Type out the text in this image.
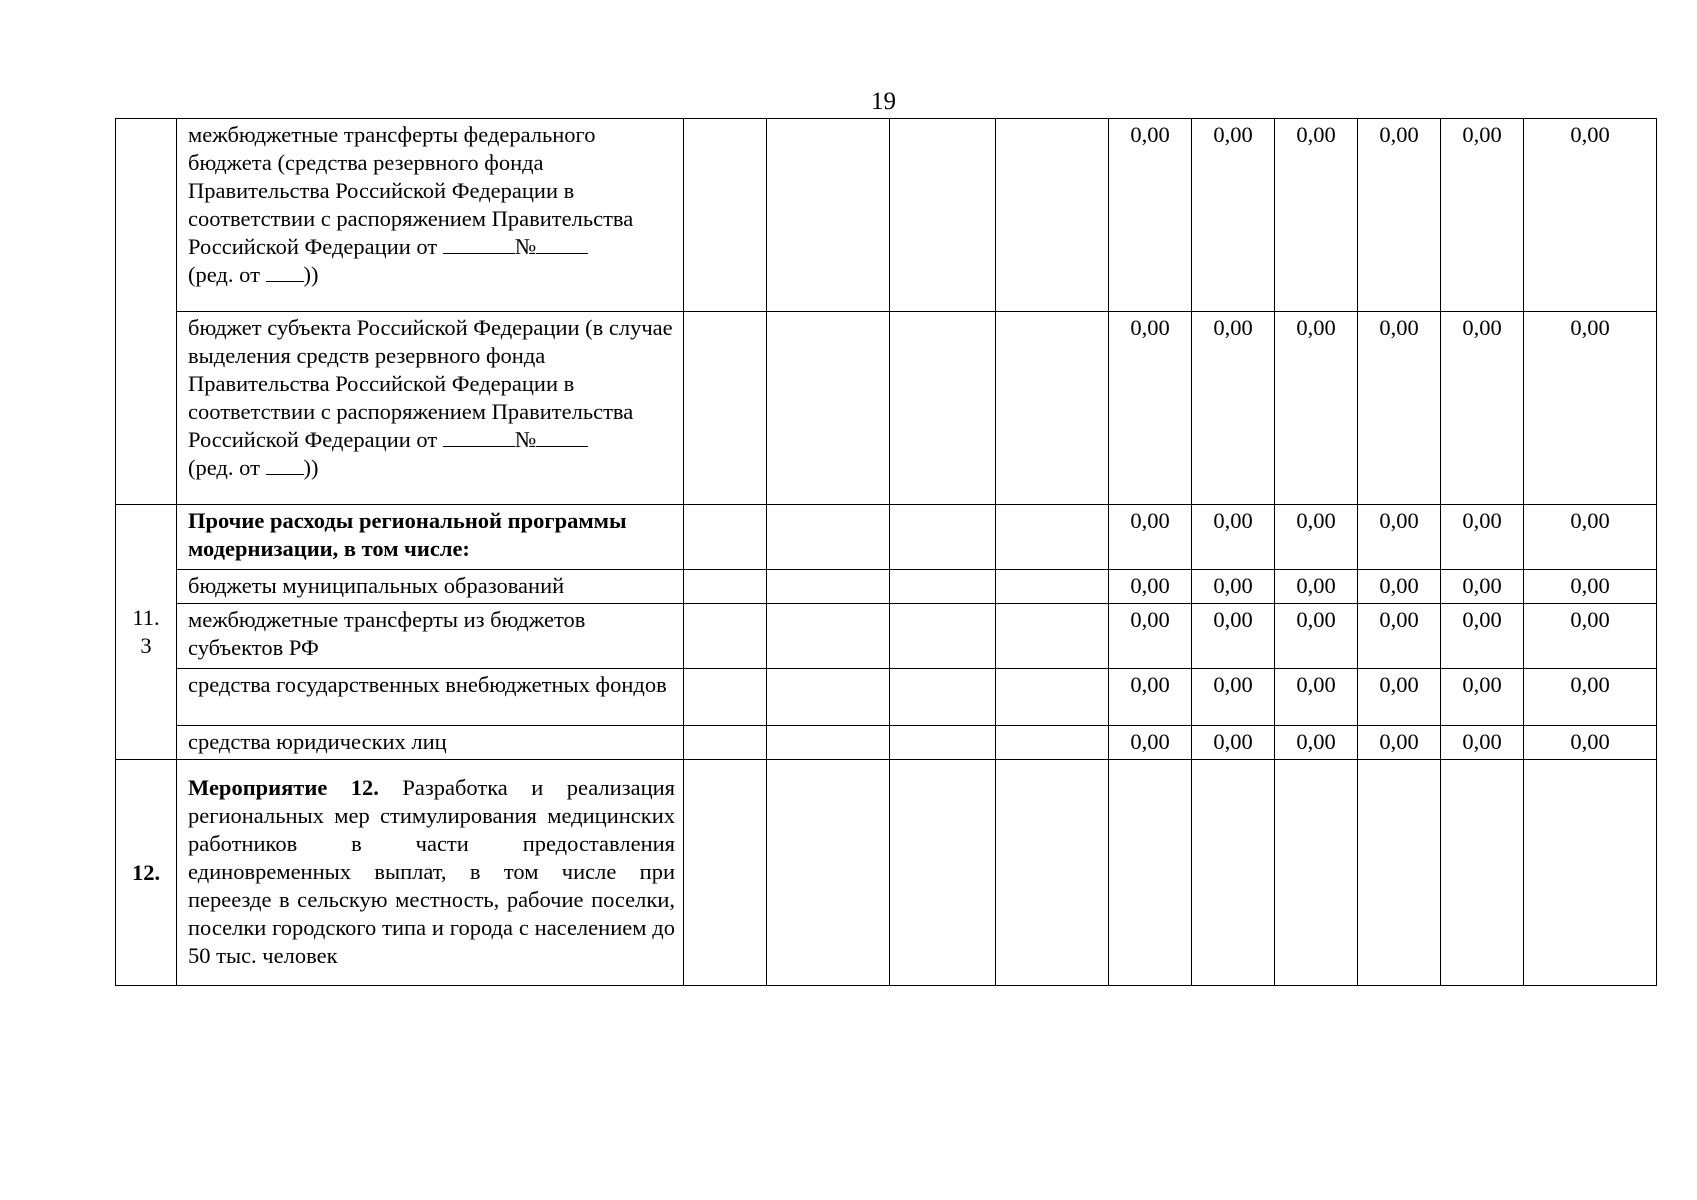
19
	межбюджетные трансферты федерального бюджета (средства резервного фонда Правительства Российской Федерации в соответствии с распоряжением Правительства Российской Федерации от №
(ред. от ))					0,00	0,00	0,00	0,00	0,00	0,00
	бюджет субъекта Российской Федерации (в случае выделения средств резервного фонда Правительства Российской Федерации в соответствии с распоряжением Правительства Российской Федерации от №
(ред. от ))					0,00	0,00	0,00	0,00	0,00	0,00
11.
3	Прочие расходы региональной программы модернизации, в том числе:					0,00	0,00	0,00	0,00	0,00	0,00
	бюджеты муниципальных образований					0,00	0,00	0,00	0,00	0,00	0,00
	межбюджетные трансферты из бюджетов субъектов РФ					0,00	0,00	0,00	0,00	0,00	0,00
	средства государственных внебюджетных фондов					0,00	0,00	0,00	0,00	0,00	0,00
	средства юридических лиц					0,00	0,00	0,00	0,00	0,00	0,00
12.	Мероприятие 12. Разработка и реализация региональных мер стимулирования медицинских работников в части предоставления единовременных выплат, в том числе при переезде в сельскую местность, рабочие поселки, поселки городского типа и города с населением до 50 тыс. человек										
